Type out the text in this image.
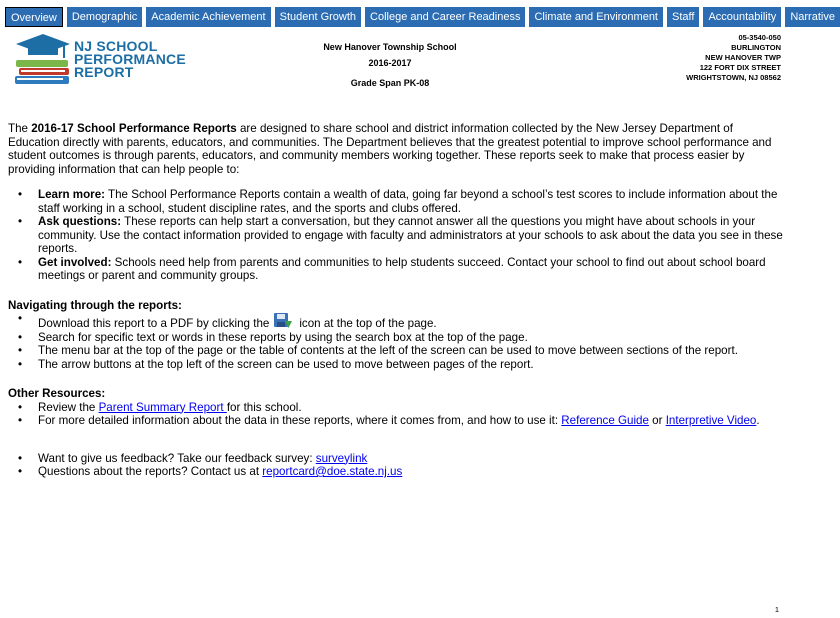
Overview	Demographic	Academic Achievement	Student Growth	College and Career Readiness	Climate and Environment	Staff	Accountability	Narrative
NJ SCHOOL
PERFORMANCE
REPORT
New Hanover Township School
2016-2017
Grade Span PK-08
05-3540-050
BURLINGTON
NEW HANOVER TWP
122 FORT DIX STREET
WRIGHTSTOWN, NJ 08562

The 2016-17 School Performance Reports are designed to share school and district information collected by the New Jersey Department of Education directly with parents, educators, and communities. The Department believes that the greatest potential to improve school performance and student outcomes is through parents, educators, and community members working together. These reports seek to make that process easier by providing information that can help people to:

• Learn more: The School Performance Reports contain a wealth of data, going far beyond a school’s test scores to include information about the staff working in a school, student discipline rates, and the sports and clubs offered.
• Ask questions: These reports can help start a conversation, but they cannot answer all the questions you might have about schools in your community. Use the contact information provided to engage with faculty and administrators at your schools to ask about the data you see in these reports.
• Get involved: Schools need help from parents and communities to help students succeed. Contact your school to find out about school board meetings or parent and community groups.
Navigating through the reports:
• Download this report to a PDF by clicking the	icon at the top of the page.
• Search for specific text or words in these reports by using the search box at the top of the page.
• The menu bar at the top of the page or the table of contents at the left of the screen can be used to move between sections of the report.
• The arrow buttons at the top left of the screen can be used to move between pages of the report.
Other Resources:
• Review the Parent Summary Report for this school.
• For more detailed information about the data in these reports, where it comes from, and how to use it: Reference Guide or Interpretive Video.
• Want to give us feedback? Take our feedback survey: surveylink
• Questions about the reports? Contact us at reportcard@doe.state.nj.us
1
